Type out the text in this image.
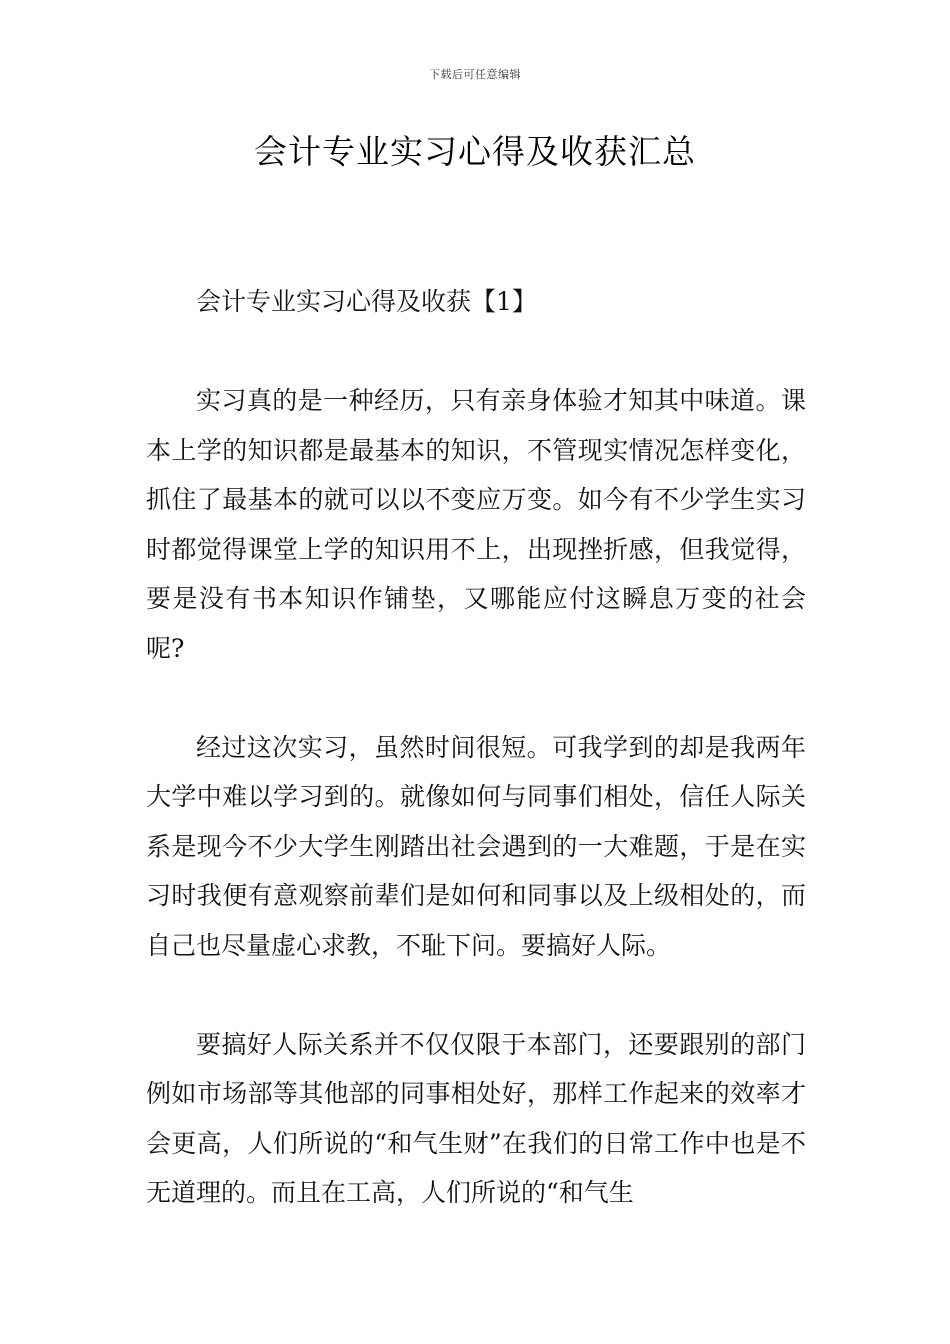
下载后可任意编辑
会计专业实习心得及收获汇总

会计专业实习心得及收获【1】

实习真的是一种经历，只有亲身体验才知其中味道。课本上学的知识都是最基本的知识，不管现实情况怎样变化，抓住了最基本的就可以以不变应万变。如今有不少学生实习时都觉得课堂上学的知识用不上，出现挫折感，但我觉得，要是没有书本知识作铺垫，又哪能应付这瞬息万变的社会呢?

经过这次实习，虽然时间很短。可我学到的却是我两年大学中难以学习到的。就像如何与同事们相处，信任人际关系是现今不少大学生刚踏出社会遇到的一大难题，于是在实习时我便有意观察前辈们是如何和同事以及上级相处的，而自己也尽量虚心求教，不耻下问。要搞好人际。

要搞好人际关系并不仅仅限于本部门，还要跟别的部门例如市场部等其他部的同事相处好，那样工作起来的效率才会更高，人们所说的“和气生财”在我们的日常工作中也是不无道理的。而且在工高，人们所说的“和气生
